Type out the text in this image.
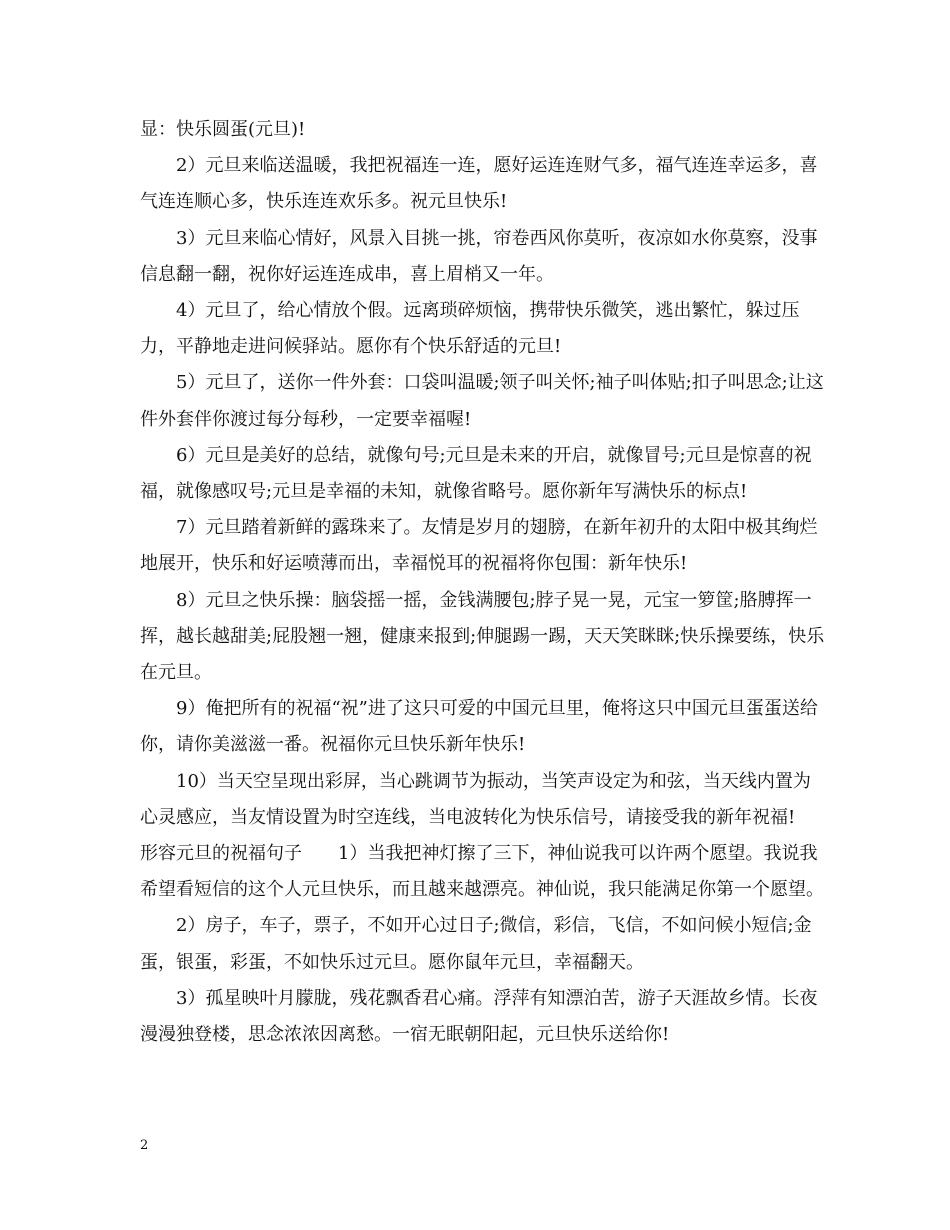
显：快乐圆蛋(元旦)!

2）元旦来临送温暖，我把祝福连一连，愿好运连连财气多，福气连连幸运多，喜气连连顺心多，快乐连连欢乐多。祝元旦快乐!

3）元旦来临心情好，风景入目挑一挑，帘卷西风你莫听，夜凉如水你莫察，没事信息翻一翻，祝你好运连连成串，喜上眉梢又一年。

4）元旦了，给心情放个假。远离琐碎烦恼，携带快乐微笑，逃出繁忙，躲过压力，平静地走进问候驿站。愿你有个快乐舒适的元旦!

5）元旦了，送你一件外套：口袋叫温暖;领子叫关怀;袖子叫体贴;扣子叫思念;让这件外套伴你渡过每分每秒，一定要幸福喔!

6）元旦是美好的总结，就像句号;元旦是未来的开启，就像冒号;元旦是惊喜的祝福，就像感叹号;元旦是幸福的未知，就像省略号。愿你新年写满快乐的标点!

7）元旦踏着新鲜的露珠来了。友情是岁月的翅膀，在新年初升的太阳中极其绚烂地展开，快乐和好运喷薄而出，幸福悦耳的祝福将你包围：新年快乐!

8）元旦之快乐操：脑袋摇一摇，金钱满腰包;脖子晃一晃，元宝一箩筐;胳膊挥一挥，越长越甜美;屁股翘一翘，健康来报到;伸腿踢一踢，天天笑眯眯;快乐操要练，快乐在元旦。

9）俺把所有的祝福“祝”进了这只可爱的中国元旦里，俺将这只中国元旦蛋蛋送给你，请你美滋滋一番。祝福你元旦快乐新年快乐!

10）当天空呈现出彩屏，当心跳调节为振动，当笑声设定为和弦，当天线内置为心灵感应，当友情设置为时空连线，当电波转化为快乐信号，请接受我的新年祝福!

形容元旦的祝福句子　　1）当我把神灯擦了三下，神仙说我可以许两个愿望。我说我希望看短信的这个人元旦快乐，而且越来越漂亮。神仙说，我只能满足你第一个愿望。

2）房子，车子，票子，不如开心过日子;微信，彩信，飞信，不如问候小短信;金蛋，银蛋，彩蛋，不如快乐过元旦。愿你鼠年元旦，幸福翻天。

3）孤星映叶月朦胧，残花飘香君心痛。浮萍有知漂泊苦，游子天涯故乡情。长夜漫漫独登楼，思念浓浓因离愁。一宿无眠朝阳起，元旦快乐送给你!

2
